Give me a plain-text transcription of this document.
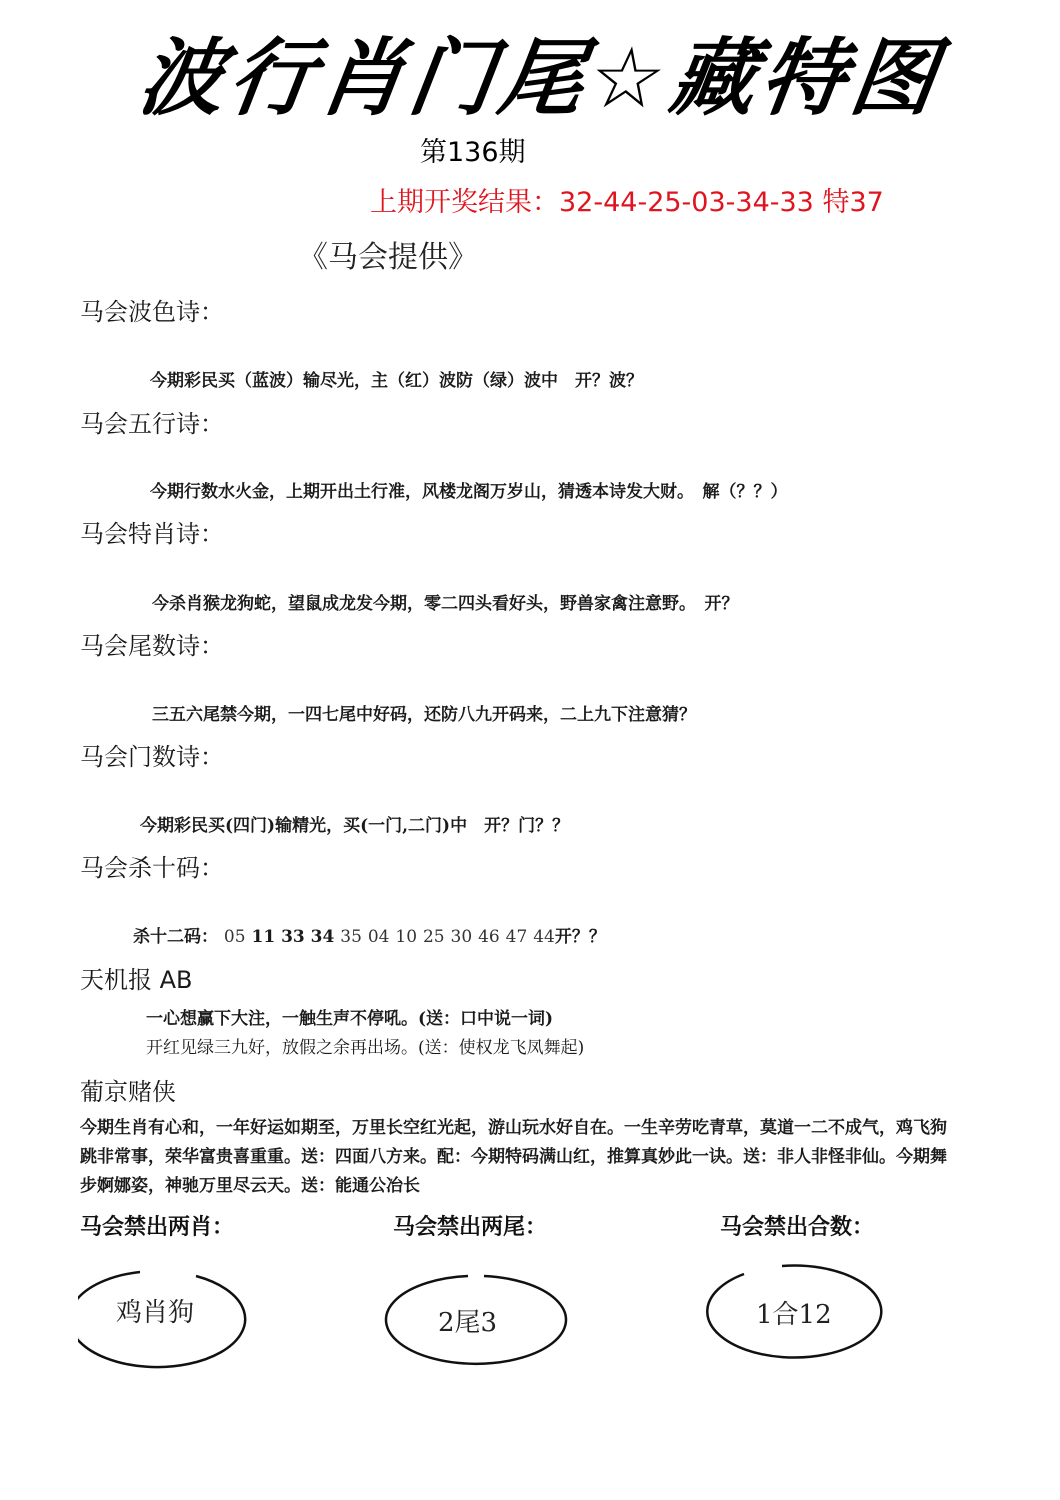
波行肖门尾☆藏特图
第136期
上期开奖结果：32-44-25-03-34-33 特37
《马会提供》
马会波色诗：
今期彩民买（蓝波）输尽光，主（红）波防（绿）波中　开？波？
马会五行诗：
今期行数水火金，上期开出土行准，风楼龙阁万岁山，猜透本诗发大财。　解（？？）
马会特肖诗：
今杀肖猴龙狗蛇，望鼠成龙发今期，零二四头看好头，野兽家禽注意野。　开？
马会尾数诗：
三五六尾禁今期，一四七尾中好码，还防八九开码来，二上九下注意猜？
马会门数诗：
今期彩民买(四门)输精光，买(一门,二门)中　开？门？？
马会杀十码：
杀十二码： 05 11 33 34 35 04 10 25 30 46 47 44开？？
天机报 AB
一心想赢下大注，一触生声不停吼。(送：口中说一词)
开红见绿三九好，放假之余再出场。(送：使权龙飞凤舞起)
葡京赌侠
今期生肖有心和，一年好运如期至，万里长空红光起，游山玩水好自在。一生辛劳吃青草，莫道一二不成气，鸡飞狗跳非常事，荣华富贵喜重重。送：四面八方来。配：今期特码满山红，推算真妙此一诀。送：非人非怪非仙。今期舞步婀娜姿，神驰万里尽云天。送：能通公冶长
马会禁出两肖：	马会禁出两尾：	马会禁出合数：
鸡肖狗	2尾3	1合12
